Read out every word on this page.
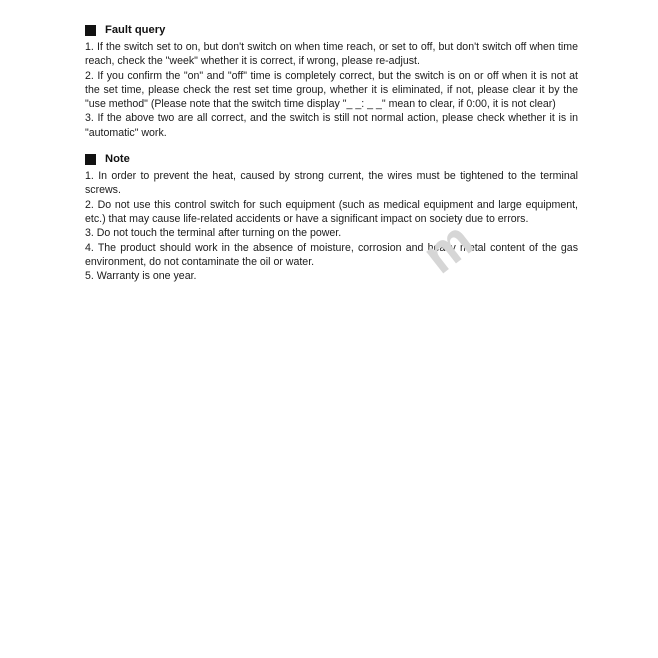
Fault query

1. If the switch set to on, but don't switch on when time reach, or set to off, but don't switch off when time reach, check the "week" whether it is correct, if wrong, please re-adjust.

2. If you confirm the "on" and "off" time is completely correct, but the switch is on or off when it is not at the set time, please check the rest set time group, whether it is eliminated, if not, please clear it by the "use method" (Please note that the switch time display "_ _: _ _" mean to clear, if 0:00, it is not clear)

3. If the above two are all correct, and the switch is still not normal action, please check whether it is in "automatic" work.

Note

1. In order to prevent the heat, caused by strong current, the wires must be tightened to the terminal screws.

2. Do not use this control switch for such equipment (such as medical equipment and large equipment, etc.) that may cause life-related accidents or have a significant impact on society due to errors.

3. Do not touch the terminal after turning on the power.

4. The product should work in the absence of moisture, corrosion and heavy metal content of the gas environment, do not contaminate the oil or water.

5. Warranty is one year.	m
